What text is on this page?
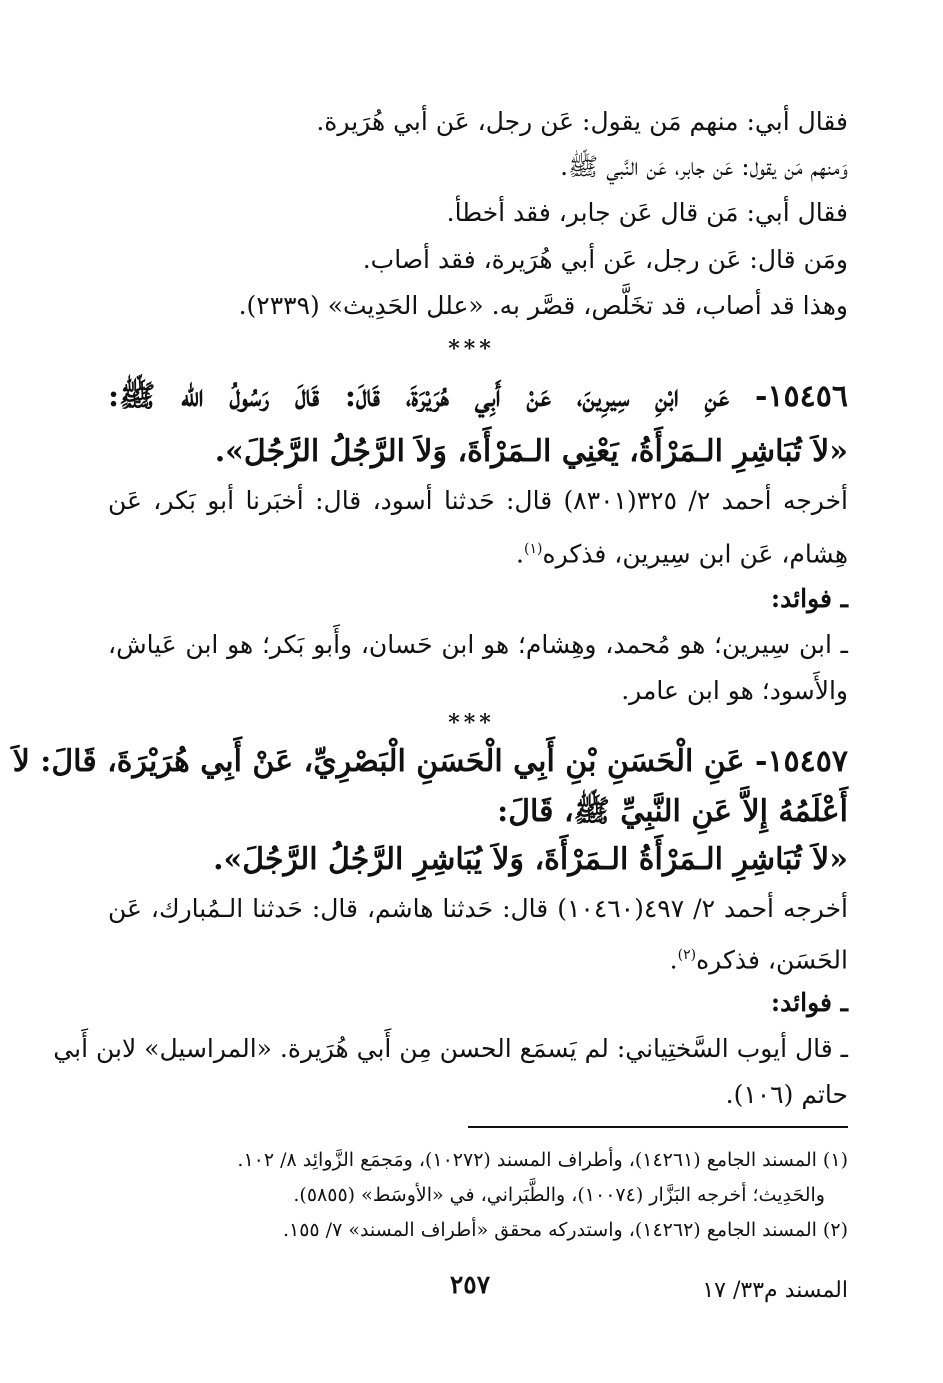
فقال أبي: منهم مَن يقول: عَن رجل، عَن أبي هُرَيرة.
وَمنهم مَن يقول: عَن جابر، عَن النَّبي ﷺ.
فقال أبي: مَن قال عَن جابر، فقد أخطأ.
ومَن قال: عَن رجل، عَن أبي هُرَيرة، فقد أصاب.
وهذا قد أصاب، قد تخَلَّص، قصَّر به. «علل الحَدِيث» (٢٣٣٩).
***
١٥٤٥٦- عَنِ ابْنِ سِيرِينَ، عَنْ أَبِي هُرَيْرَةَ، قَالَ: قَالَ رَسُولُ الله ﷺ:
«لاَ تُبَاشِرِ الـمَرْأَةُ، يَعْنِي الـمَرْأَةَ، وَلاَ الرَّجُلُ الرَّجُلَ».
أخرجه أحمد ٢/ ٣٢٥(٨٣٠١) قال: حَدثنا أسود، قال: أخبَرنا أبو بَكر، عَن
هِشام، عَن ابن سِيرين، فذكره$^{(١)}$.
ـ فوائد:
ـ ابن سِيرين؛ هو مُحمد، وهِشام؛ هو ابن حَسان، وأَبو بَكر؛ هو ابن عَياش،
والأَسود؛ هو ابن عامر.
***
١٥٤٥٧- عَنِ الْحَسَنِ بْنِ أَبِي الْحَسَنِ الْبَصْرِيِّ، عَنْ أَبِي هُرَيْرَةَ، قَالَ: لاَ
أَعْلَمُهُ إِلاَّ عَنِ النَّبِيِّ ﷺ، قَالَ:
«لاَ تُبَاشِرِ الـمَرْأَةُ الـمَرْأَةَ، وَلاَ يُبَاشِرِ الرَّجُلُ الرَّجُلَ».
أخرجه أحمد ٢/ ٤٩٧(١٠٤٦٠) قال: حَدثنا هاشم، قال: حَدثنا الـمُبارك، عَن
الحَسَن، فذكره$^{(٢)}$.
ـ فوائد:
ـ قال أيوب السَّختِياني: لم يَسمَع الحسن مِن أَبي هُرَيرة. «المراسيل» لابن أَبي
حاتم (١٠٦).
(١) المسند الجامع (١٤٢٦١)، وأطراف المسند (١٠٢٧٢)، ومَجمَع الزَّوائِد ٨/ ١٠٢.
والحَدِيث؛ أخرجه البَزَّار (١٠٠٧٤)، والطَّبَراني، في «الأوسَط» (٥٨٥٥).
(٢) المسند الجامع (١٤٢٦٢)، واستدركه محقق «أطراف المسند» ٧/ ١٥٥.
٢٥٧	المسند م٣٣/ ١٧
